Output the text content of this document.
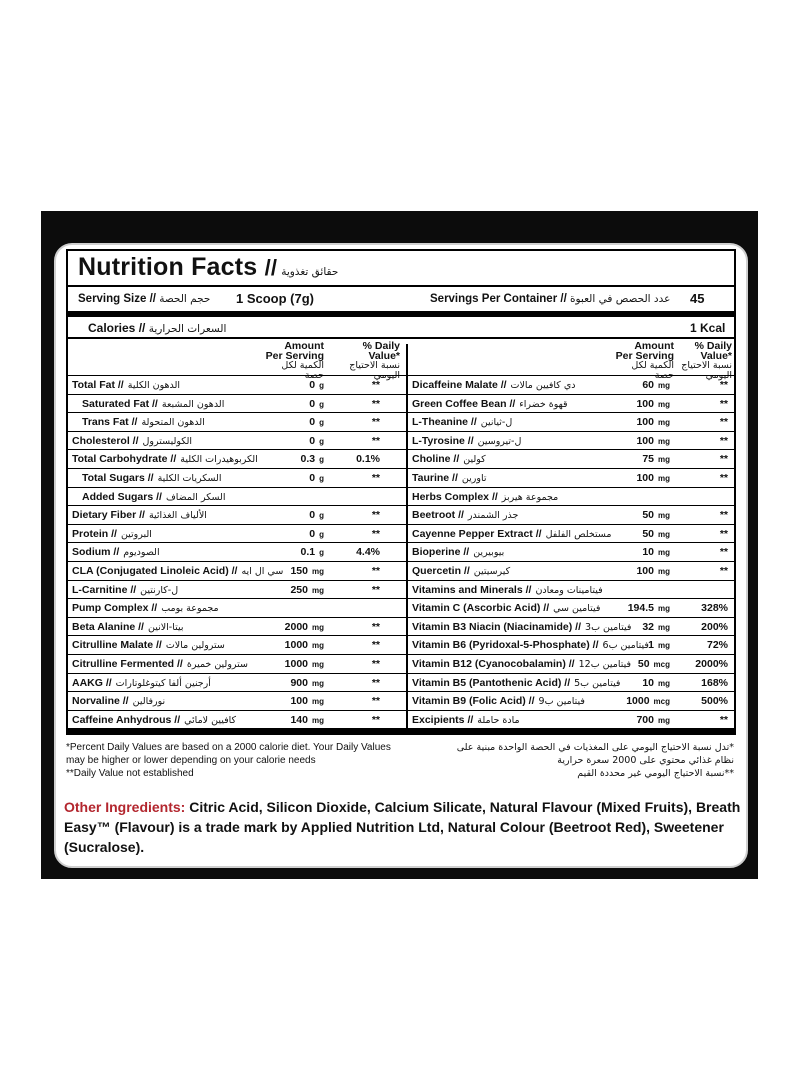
Nutrition Facts // حقائق تغذوية
Serving Size // حجم الحصة 1 Scoop (7g)	Servings Per Container // عدد الحصص في العبوة 45
Calories // السعرات الحرارية	1 Kcal
Amount
Per Serving
الكمية لكل حصة
% Daily Value*
نسبة الاحتياج
اليومي
Amount
Per Serving
الكمية لكل حصة
% Daily Value*
نسبة الاحتياج
اليومي
Total Fat // الدهون الكلية	0 g	**
Saturated Fat // الدهون المشبعة	0 g	**
Trans Fat // الدهون المتحولة	0 g	**
Cholesterol // الكوليسترول	0 g	**
Total Carbohydrate // الكربوهيدرات الكلية	0.3 g	0.1%
Total Sugars // السكريات الكلية	0 g	**
Added Sugars // السكر المضاف
Dietary Fiber // الألياف الغذائية	0 g	**
Protein // البروتين	0 g	**
Sodium // الصوديوم	0.1 g	4.4%
CLA (Conjugated Linoleic Acid) // سي ال ايه 150 mg	**
L-Carnitine // ل-كارنتين	250 mg	**
Pump Complex // مجموعة بومب
Beta Alanine // بيتا-الانين	2000 mg	**
Citrulline Malate // سترولين مالات	1000 mg	**
Citrulline Fermented // سترولين خميرة	1000 mg	**
AAKG // أرجنين ألفا كيتوغلوتارات	900 mg	**
Norvaline // نورفالين	100 mg	**
Caffeine Anhydrous // كافيين لامائي	140 mg	**
Dicaffeine Malate // دي كافيين مالات	60 mg	**
Green Coffee Bean // قهوة خضراء	100 mg	**
L-Theanine // ل-ثيانين	100 mg	**
L-Tyrosine // ل-تيروسين	100 mg	**
Choline // كولين	75 mg	**
Taurine // تاورين	100 mg	**
Herbs Complex // مجموعة هيربز
Beetroot // جذر الشمندر	50 mg	**
Cayenne Pepper Extract // مستخلص الفلفل	50 mg	**
Bioperine // بيوبيرين	10 mg	**
Quercetin // كيرسيتين	100 mg	**
Vitamins and Minerals // فيتامينات ومعادن
Vitamin C (Ascorbic Acid) // فيتامين سي	194.5 mg	328%
Vitamin B3 Niacin (Niacinamide) // فيتامين ب3	32 mg	200%
Vitamin B6 (Pyridoxal-5-Phosphate) // فيتامين ب6 1 mg	72%
Vitamin B12 (Cyanocobalamin) // فيتامين ب12 50 mcg	2000%
Vitamin B5 (Pantothenic Acid) // فيتامين ب5	10 mg	168%
Vitamin B9 (Folic Acid) // فيتامين ب9	1000 mcg	500%
Excipients // مادة حاملة	700 mg	**
*Percent Daily Values are based on a 2000 calorie diet. Your Daily Values
may be higher or lower depending on your calorie needs
**Daily Value not established
*تدل نسبة الاحتياج اليومي على المغذيات في الحصة الواحدة مبنية على
نظام غذائي محتوي على 2000 سعرة حرارية
**نسبة الاحتياج اليومي غير محددة القيم
Other Ingredients: Citric Acid, Silicon Dioxide, Calcium Silicate, Natural Flavour (Mixed Fruits), Breath Easy™ (Flavour) is a trade mark by Applied Nutrition Ltd, Natural Colour (Beetroot Red), Sweetener (Sucralose).
